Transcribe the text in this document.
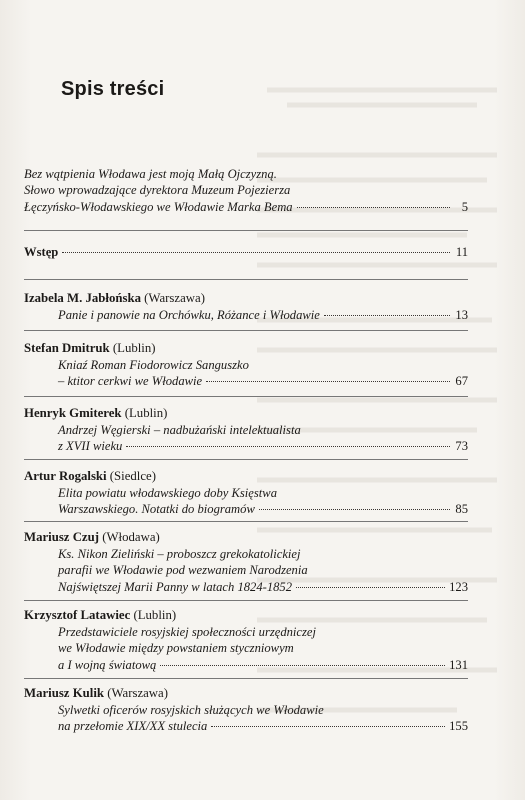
Spis treści
Bez wątpienia Włodawa jest moją Małą Ojczyzną.
Słowo wprowadzające dyrektora Muzeum Pojezierza
Łęczyńsko-Włodawskiego we Włodawie Marka Bema	5
Wstęp	11
Izabela M. Jabłońska (Warszawa)
Panie i panowie na Orchówku, Różance i Włodawie	13
Stefan Dmitruk (Lublin)
Kniaź Roman Fiodorowicz Sanguszko
– ktitor cerkwi we Włodawie	67
Henryk Gmiterek (Lublin)
Andrzej Węgierski – nadbużański intelektualista
z XVII wieku	73
Artur Rogalski (Siedlce)
Elita powiatu włodawskiego doby Księstwa
Warszawskiego. Notatki do biogramów	85
Mariusz Czuj (Włodawa)
Ks. Nikon Zieliński – proboszcz grekokatolickiej
parafii we Włodawie pod wezwaniem Narodzenia
Najświętszej Marii Panny w latach 1824-1852	123
Krzysztof Latawiec (Lublin)
Przedstawiciele rosyjskiej społeczności urzędniczej
we Włodawie między powstaniem styczniowym
a I wojną światową	131
Mariusz Kulik (Warszawa)
Sylwetki oficerów rosyjskich służących we Włodawie
na przełomie XIX/XX stulecia	155
